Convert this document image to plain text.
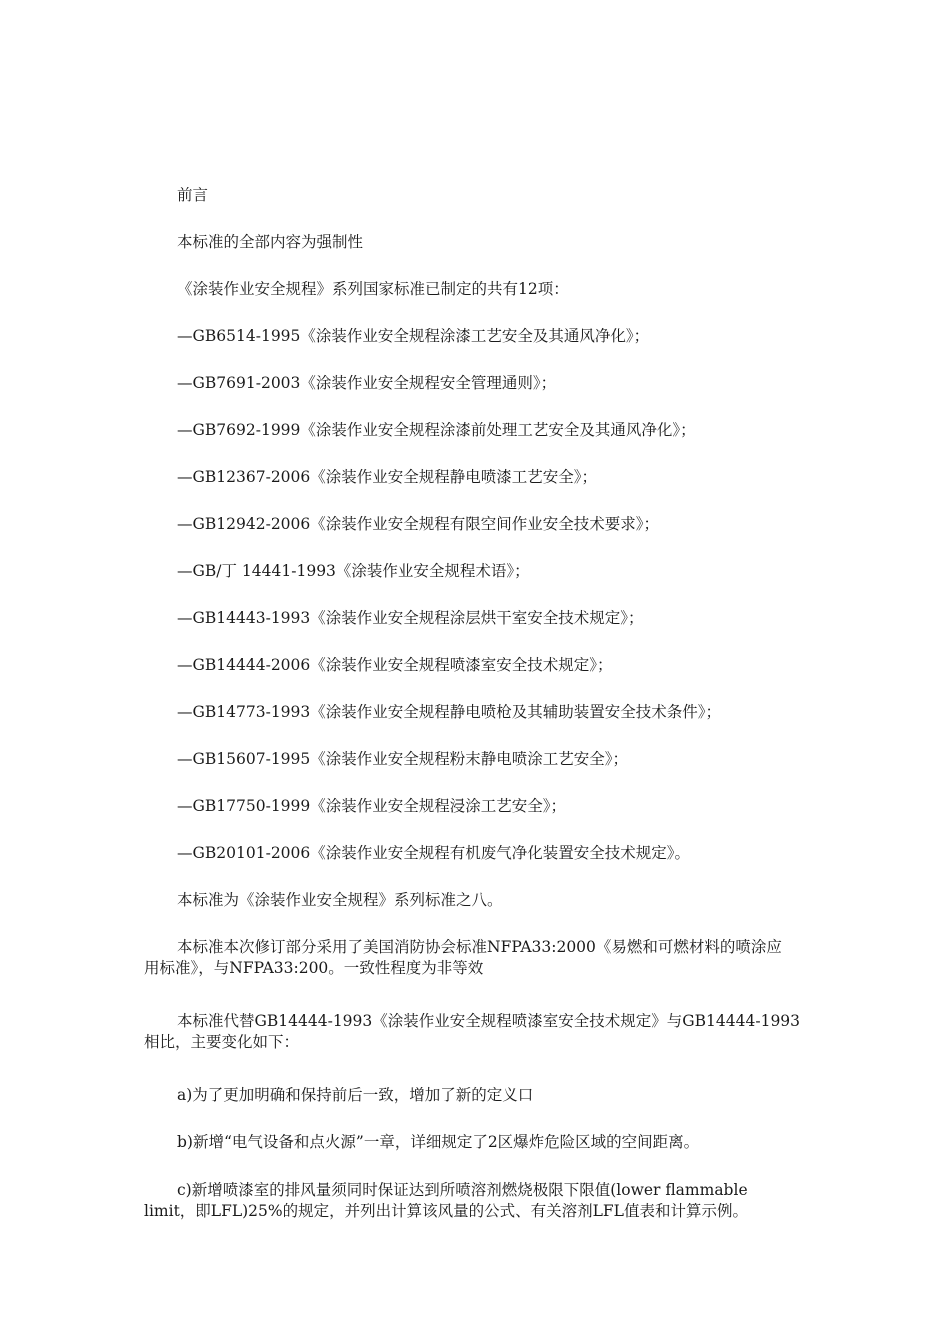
前言
本标准的全部内容为强制性
《涂装作业安全规程》系列国家标准已制定的共有12项：
—GB6514-1995《涂装作业安全规程涂漆工艺安全及其通风净化》；
—GB7691-2003《涂装作业安全规程安全管理通则》；
—GB7692-1999《涂装作业安全规程涂漆前处理工艺安全及其通风净化》；
—GB12367-2006《涂装作业安全规程静电喷漆工艺安全》；
—GB12942-2006《涂装作业安全规程有限空间作业安全技术要求》；
—GB/丁 14441-1993《涂装作业安全规程术语》；
—GB14443-1993《涂装作业安全规程涂层烘干室安全技术规定》；
—GB14444-2006《涂装作业安全规程喷漆室安全技术规定》；
—GB14773-1993《涂装作业安全规程静电喷枪及其辅助装置安全技术条件》；
—GB15607-1995《涂装作业安全规程粉末静电喷涂工艺安全》；
—GB17750-1999《涂装作业安全规程浸涂工艺安全》；
—GB20101-2006《涂装作业安全规程有机废气净化装置安全技术规定》。
本标准为《涂装作业安全规程》系列标准之八。
本标准本次修订部分采用了美国消防协会标准NFPA33:2000《易燃和可燃材料的喷涂应
用标准》，与NFPA33:200。一致性程度为非等效
本标准代替GB14444-1993《涂装作业安全规程喷漆室安全技术规定》与GB14444-1993
相比，主要变化如下：
a)为了更加明确和保持前后一致，增加了新的定义口
b)新增“电气设备和点火源”一章，详细规定了2区爆炸危险区域的空间距离。
c)新增喷漆室的排风量须同时保证达到所喷溶剂燃烧极限下限值(lower flammable
limit，即LFL)25%的规定，并列出计算该风量的公式、有关溶剂LFL值表和计算示例。
